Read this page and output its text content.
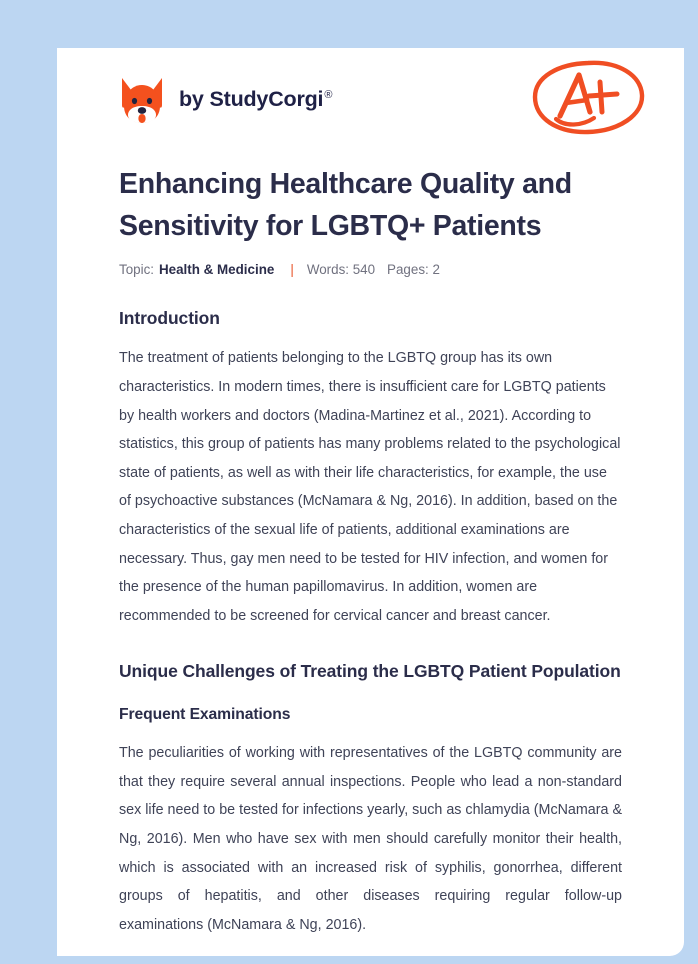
by StudyCorgi®
Enhancing Healthcare Quality and Sensitivity for LGBTQ+ Patients
Topic: Health & Medicine | Words: 540 Pages: 2
Introduction

The treatment of patients belonging to the LGBTQ group has its own characteristics. In modern times, there is insufficient care for LGBTQ patients by health workers and doctors (Madina-Martinez et al., 2021). According to statistics, this group of patients has many problems related to the psychological state of patients, as well as with their life characteristics, for example, the use of psychoactive substances (McNamara & Ng, 2016). In addition, based on the characteristics of the sexual life of patients, additional examinations are necessary. Thus, gay men need to be tested for HIV infection, and women for the presence of the human papillomavirus. In addition, women are recommended to be screened for cervical cancer and breast cancer.

Unique Challenges of Treating the LGBTQ Patient Population
Frequent Examinations

The peculiarities of working with representatives of the LGBTQ community are that they require several annual inspections. People who lead a non-standard sex life need to be tested for infections yearly, such as chlamydia (McNamara & Ng, 2016). Men who have sex with men should carefully monitor their health, which is associated with an increased risk of syphilis, gonorrhea, different groups of hepatitis, and other diseases requiring regular follow-up examinations (McNamara & Ng, 2016).
